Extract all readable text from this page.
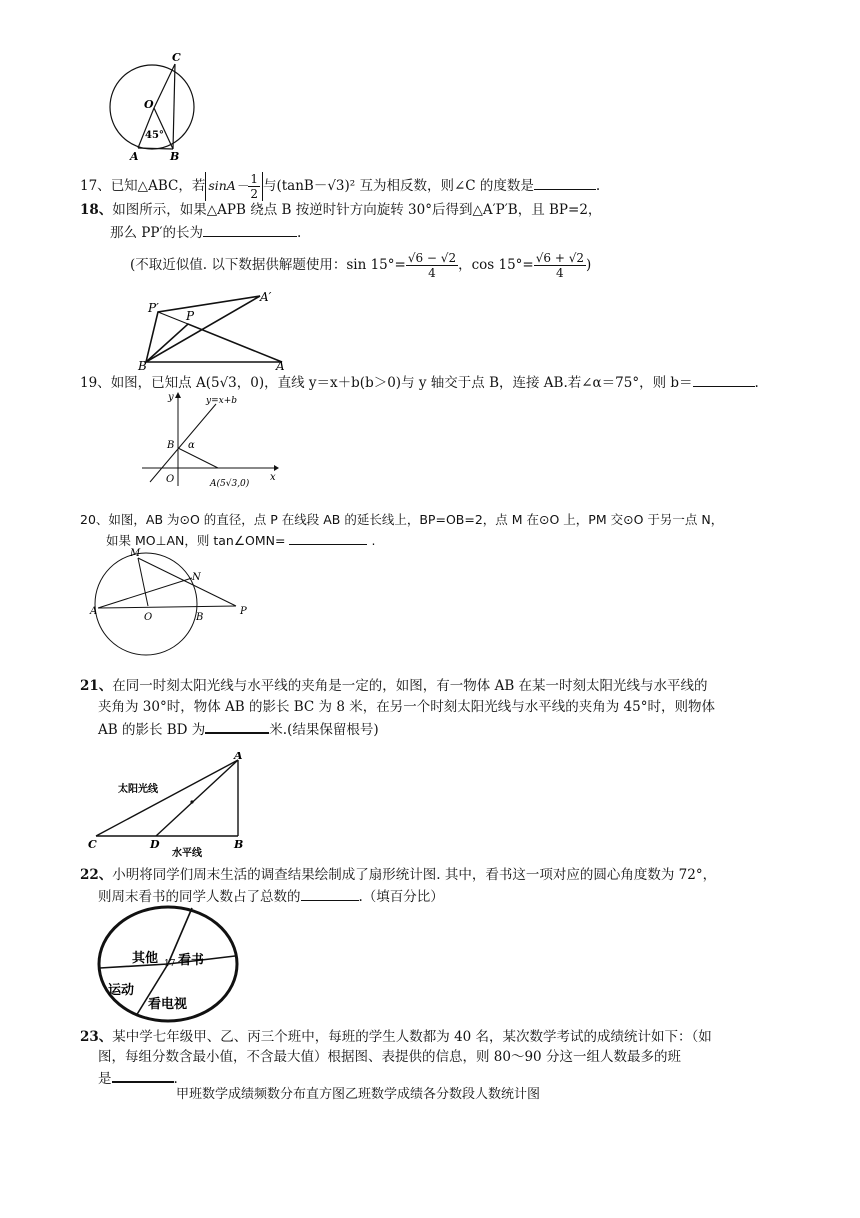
C
O
A	B
45°
17、已知△ABC，若 $\sin A- \frac{1}{2}$ 与(tanB－√3)² 互为相反数，则∠C 的度数是	.
18、如图所示，如果△APB 绕点 B 按逆时针方向旋转 30°后得到△A′P′B，且 BP=2，
那么 PP′的长为	.
(不取近似值. 以下数据供解题使用：$\sin 15^\circ= \frac{√6 - √2}{4}$ ，$\cos 15^\circ= \frac{√6 + √2}{4}$ )
P′
A′
P
B	A
19、如图，已知点 A(5√3，0)，直线 y＝x＋b(b＞0)与 y 轴交于点 B，连接 AB.若∠α＝75°，则 b＝	.
y	y=x+b
B α
O	A(5√3,0)
x
20、如图，AB 为⊙O 的直径，点 P 在线段 AB 的延长线上，BP=OB=2，点 M 在⊙O 上，PM 交⊙O 于另一点 N，
如果 MO⊥AN，则 tan∠OMN=	.
M
N
A
O	B
P
21、在同一时刻太阳光线与水平线的夹角是一定的，如图，有一物体 AB 在某一时刻太阳光线与水平线的
夹角为 30°时，物体 AB 的影长 BC 为 8 米，在另一个时刻太阳光线与水平线的夹角为 45°时，则物体
AB 的影长 BD 为	米.(结果保留根号)
A
C	D	B
太阳光线
水平线
22、小明将同学们周末生活的调查结果绘制成了扇形统计图. 其中，看书这一项对应的圆心角度数为 72°，
则周末看书的同学人数占了总数的	.（填百分比）
其他 17 看书
运动
看电视
23、某中学七年级甲、乙、丙三个班中，每班的学生人数都为 40 名，某次数学考试的成绩统计如下：（如
图，每组分数含最小值，不含最大值）根据图、表提供的信息，则 80～90 分这一组人数最多的班
是	.
甲班数学成绩频数分布直方图乙班数学成绩各分数段人数统计图
